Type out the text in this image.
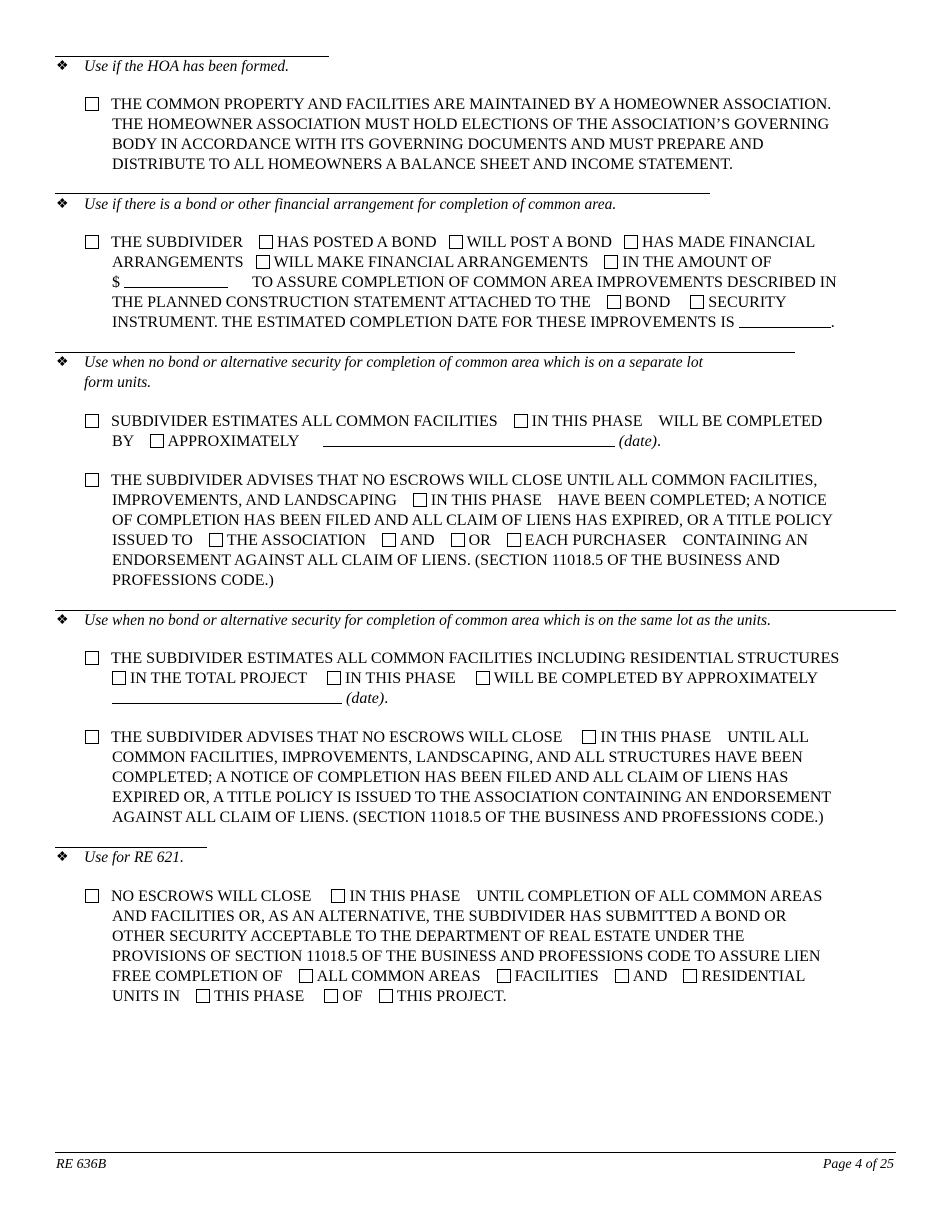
❖ Use if the HOA has been formed.
THE COMMON PROPERTY AND FACILITIES ARE MAINTAINED BY A HOMEOWNER ASSOCIATION.
THE HOMEOWNER ASSOCIATION MUST HOLD ELECTIONS OF THE ASSOCIATION’S GOVERNING
BODY IN ACCORDANCE WITH ITS GOVERNING DOCUMENTS AND MUST PREPARE AND
DISTRIBUTE TO ALL HOMEOWNERS A BALANCE SHEET AND INCOME STATEMENT.
❖ Use if there is a bond or other financial arrangement for completion of common area.
THE SUBDIVIDER HAS POSTED A BOND WILL POST A BOND HAS MADE FINANCIAL
ARRANGEMENTS WILL MAKE FINANCIAL ARRANGEMENTS IN THE AMOUNT OF
$	TO ASSURE COMPLETION OF COMMON AREA IMPROVEMENTS DESCRIBED IN
THE PLANNED CONSTRUCTION STATEMENT ATTACHED TO THE BOND SECURITY
INSTRUMENT. THE ESTIMATED COMPLETION DATE FOR THESE IMPROVEMENTS IS	.
❖ Use when no bond or alternative security for completion of common area which is on a separate lot
form units.
SUBDIVIDER ESTIMATES ALL COMMON FACILITIES IN THIS PHASE WILL BE COMPLETED
BY APPROXIMATELY	(date).
THE SUBDIVIDER ADVISES THAT NO ESCROWS WILL CLOSE UNTIL ALL COMMON FACILITIES,
IMPROVEMENTS, AND LANDSCAPING IN THIS PHASE HAVE BEEN COMPLETED; A NOTICE
OF COMPLETION HAS BEEN FILED AND ALL CLAIM OF LIENS HAS EXPIRED, OR A TITLE POLICY
ISSUED TO THE ASSOCIATION AND OR EACH PURCHASER CONTAINING AN
ENDORSEMENT AGAINST ALL CLAIM OF LIENS. (SECTION 11018.5 OF THE BUSINESS AND
PROFESSIONS CODE.)
❖ Use when no bond or alternative security for completion of common area which is on the same lot as the units.
THE SUBDIVIDER ESTIMATES ALL COMMON FACILITIES INCLUDING RESIDENTIAL STRUCTURES
IN THE TOTAL PROJECT IN THIS PHASE WILL BE COMPLETED BY APPROXIMATELY
(date).
THE SUBDIVIDER ADVISES THAT NO ESCROWS WILL CLOSE IN THIS PHASE UNTIL ALL
COMMON FACILITIES, IMPROVEMENTS, LANDSCAPING, AND ALL STRUCTURES HAVE BEEN
COMPLETED; A NOTICE OF COMPLETION HAS BEEN FILED AND ALL CLAIM OF LIENS HAS
EXPIRED OR, A TITLE POLICY IS ISSUED TO THE ASSOCIATION CONTAINING AN ENDORSEMENT
AGAINST ALL CLAIM OF LIENS. (SECTION 11018.5 OF THE BUSINESS AND PROFESSIONS CODE.)
❖ Use for RE 621.
NO ESCROWS WILL CLOSE IN THIS PHASE UNTIL COMPLETION OF ALL COMMON AREAS
AND FACILITIES OR, AS AN ALTERNATIVE, THE SUBDIVIDER HAS SUBMITTED A BOND OR
OTHER SECURITY ACCEPTABLE TO THE DEPARTMENT OF REAL ESTATE UNDER THE
PROVISIONS OF SECTION 11018.5 OF THE BUSINESS AND PROFESSIONS CODE TO ASSURE LIEN
FREE COMPLETION OF ALL COMMON AREAS FACILITIES AND RESIDENTIAL
UNITS IN THIS PHASE OF THIS PROJECT.
RE 636B	Page 4 of 25
